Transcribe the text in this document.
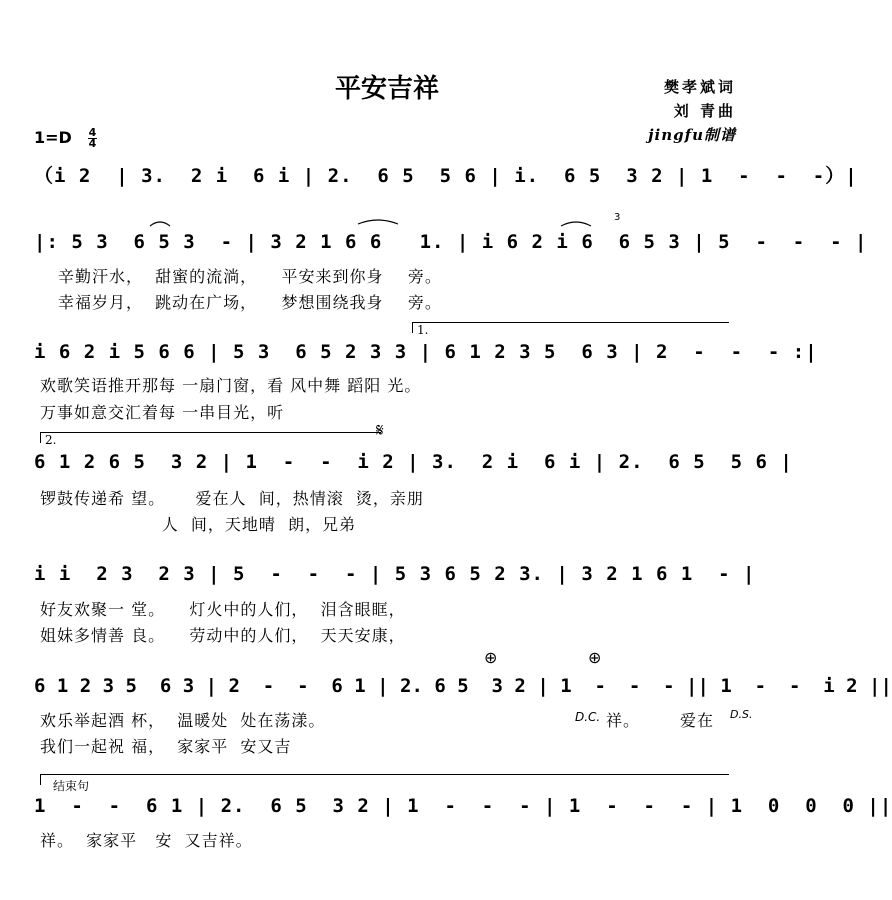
平安吉祥	樊孝斌词
刘 青曲
jingfu制谱
1=D 4
4
（i 2  | 3.  2 i  6 i | 2.  6 5  5 6 | i.  6 5  3 2 | 1  -  -  -）|
|: 5 3  6 5 3  - | 3 2 1 6 6   1. | i 6 2 i 6  6 5 3 | 5  -  -  - |
3
辛勤汗水，  甜蜜的流淌，    平安来到你身    旁。
幸福岁月，  跳动在广场，    梦想围绕我身    旁。
1.
i 6 2 i 5 6 6 | 5 3  6 5 2 3 3 | 6 1 2 3 5  6 3 | 2  -  -  - :|
欢歌笑语推开那每 一扇门窗，看 风中舞 蹈阳 光。
万事如意交汇着每 一串目光，听
2.	𝄋
6 1 2 6 5  3 2 | 1  -  -  i 2 | 3.  2 i  6 i | 2.  6 5  5 6 |
锣鼓传递希 望。     爱在人  间，热情滚  烫，亲朋
人  间，天地晴  朗，兄弟
i i  2 3  2 3 | 5  -  -  - | 5 3 6 5 2 3. | 3 2 1 6 1  - |
好友欢聚一 堂。    灯火中的人们，  泪含眼眶，
姐妹多情善 良。    劳动中的人们，  天天安康，
⊕	⊕
6 1 2 3 5  6 3 | 2  -  -  6 1 | 2. 6 5  3 2 | 1  -  -  - || 1  -  -  i 2 ||
欢乐举起酒 杯，  温暖处  处在荡漾。
我们一起祝 福，  家家平  安又吉
D.C. 祥。 爱在 D.S.
结束句
1  -  -  6 1 | 2.  6 5  3 2 | 1  -  -  - | 1  -  -  - | 1  0  0  0 ||
祥。  家家平   安  又吉祥。
